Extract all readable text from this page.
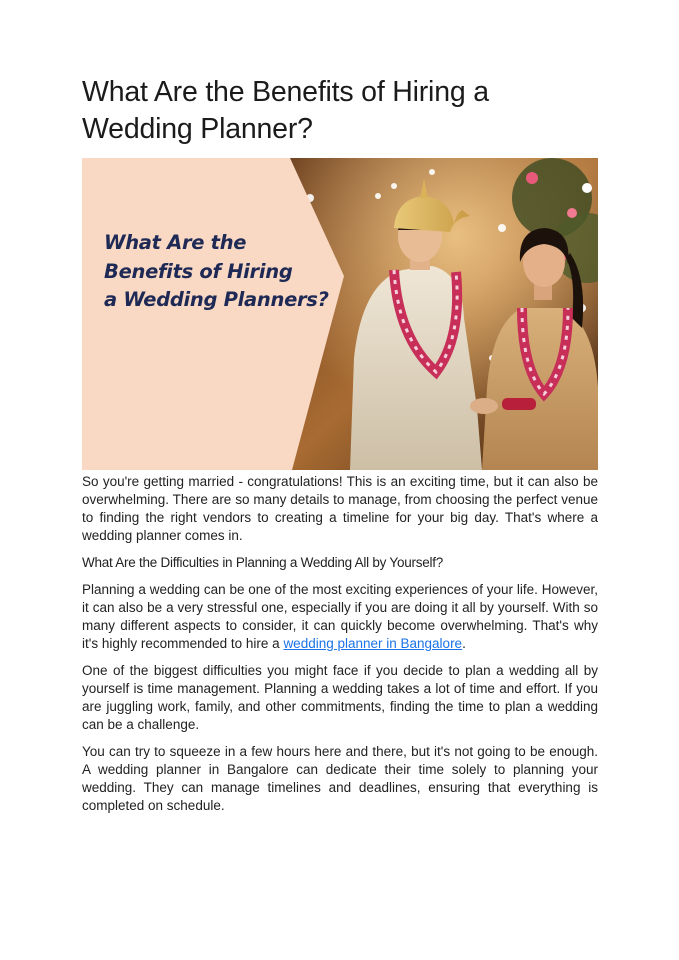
What Are the Benefits of Hiring a Wedding Planner?
What Are the
Benefits of Hiring
a Wedding Planners?

So you're getting married - congratulations! This is an exciting time, but it can also be overwhelming. There are so many details to manage, from choosing the perfect venue to finding the right vendors to creating a timeline for your big day. That's where a wedding planner comes in.

What Are the Difficulties in Planning a Wedding All by Yourself?

Planning a wedding can be one of the most exciting experiences of your life. However, it can also be a very stressful one, especially if you are doing it all by yourself. With so many different aspects to consider, it can quickly become overwhelming. That's why it's highly recommended to hire a wedding planner in Bangalore.

One of the biggest difficulties you might face if you decide to plan a wedding all by yourself is time management. Planning a wedding takes a lot of time and effort. If you are juggling work, family, and other commitments, finding the time to plan a wedding can be a challenge.

You can try to squeeze in a few hours here and there, but it's not going to be enough. A wedding planner in Bangalore can dedicate their time solely to planning your wedding. They can manage timelines and deadlines, ensuring that everything is completed on schedule.
